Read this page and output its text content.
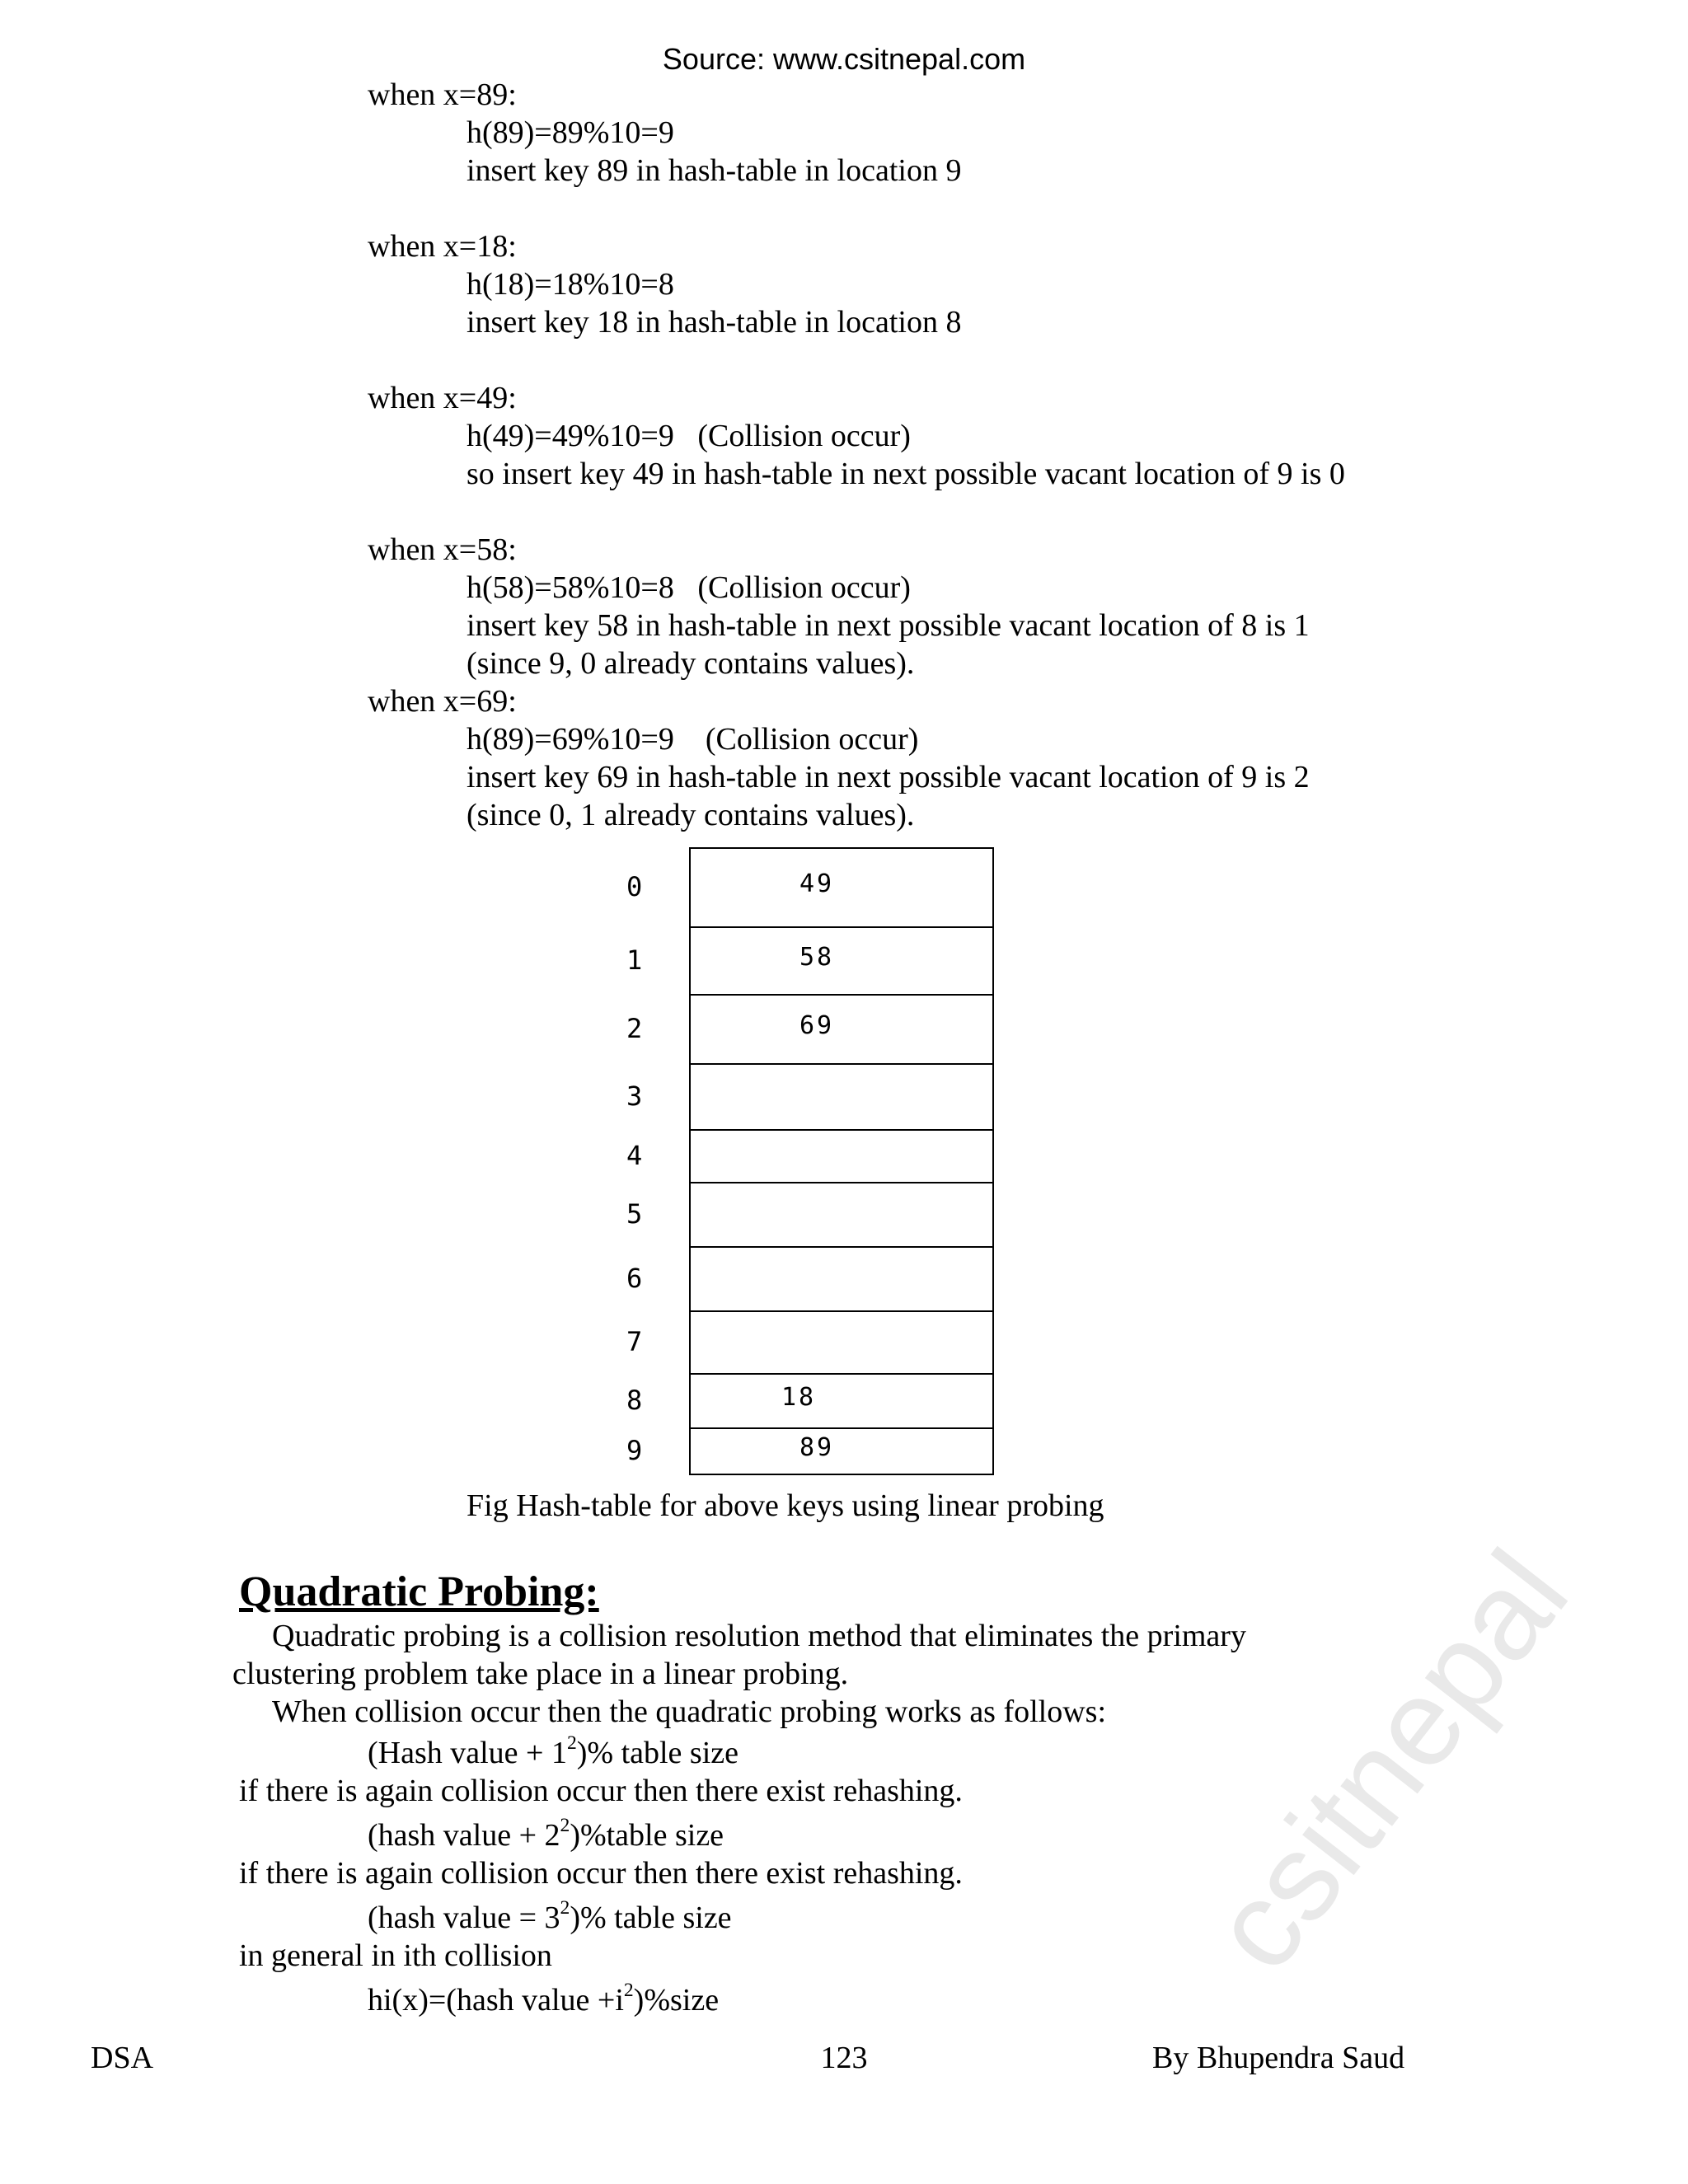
csitnepal
Source: www.csitnepal.com
when x=89:
h(89)=89%10=9
insert key 89 in hash-table in location 9
when x=18:
h(18)=18%10=8
insert key 18 in hash-table in location 8
when x=49:
h(49)=49%10=9   (Collision occur)
so insert key 49 in hash-table in next possible vacant location of 9 is 0
when x=58:
h(58)=58%10=8   (Collision occur)
insert key 58 in hash-table in next possible vacant location of 8 is 1
(since 9, 0 already contains values).
when x=69:
h(89)=69%10=9    (Collision occur)
insert key 69 in hash-table in next possible vacant location of 9 is 2
(since 0, 1 already contains values).
0	49
1	58
2	69
3
4
5
6
7
8	18
9	89
Fig Hash-table for above keys using linear probing
Quadratic Probing:
Quadratic probing is a collision resolution method that eliminates the primary
clustering problem take place in a linear probing.
When collision occur then the quadratic probing works as follows:
(Hash value + $1^2)\%$ table size
if there is again collision occur then there exist rehashing.
(hash value + $2^2)\%table$ size
if there is again collision occur then there exist rehashing.
(hash value = $3^2)\%$ table size
in general in ith collision
hi(x)=(hash value $+i^2)\%size$
DSA	123	By Bhupendra Saud
